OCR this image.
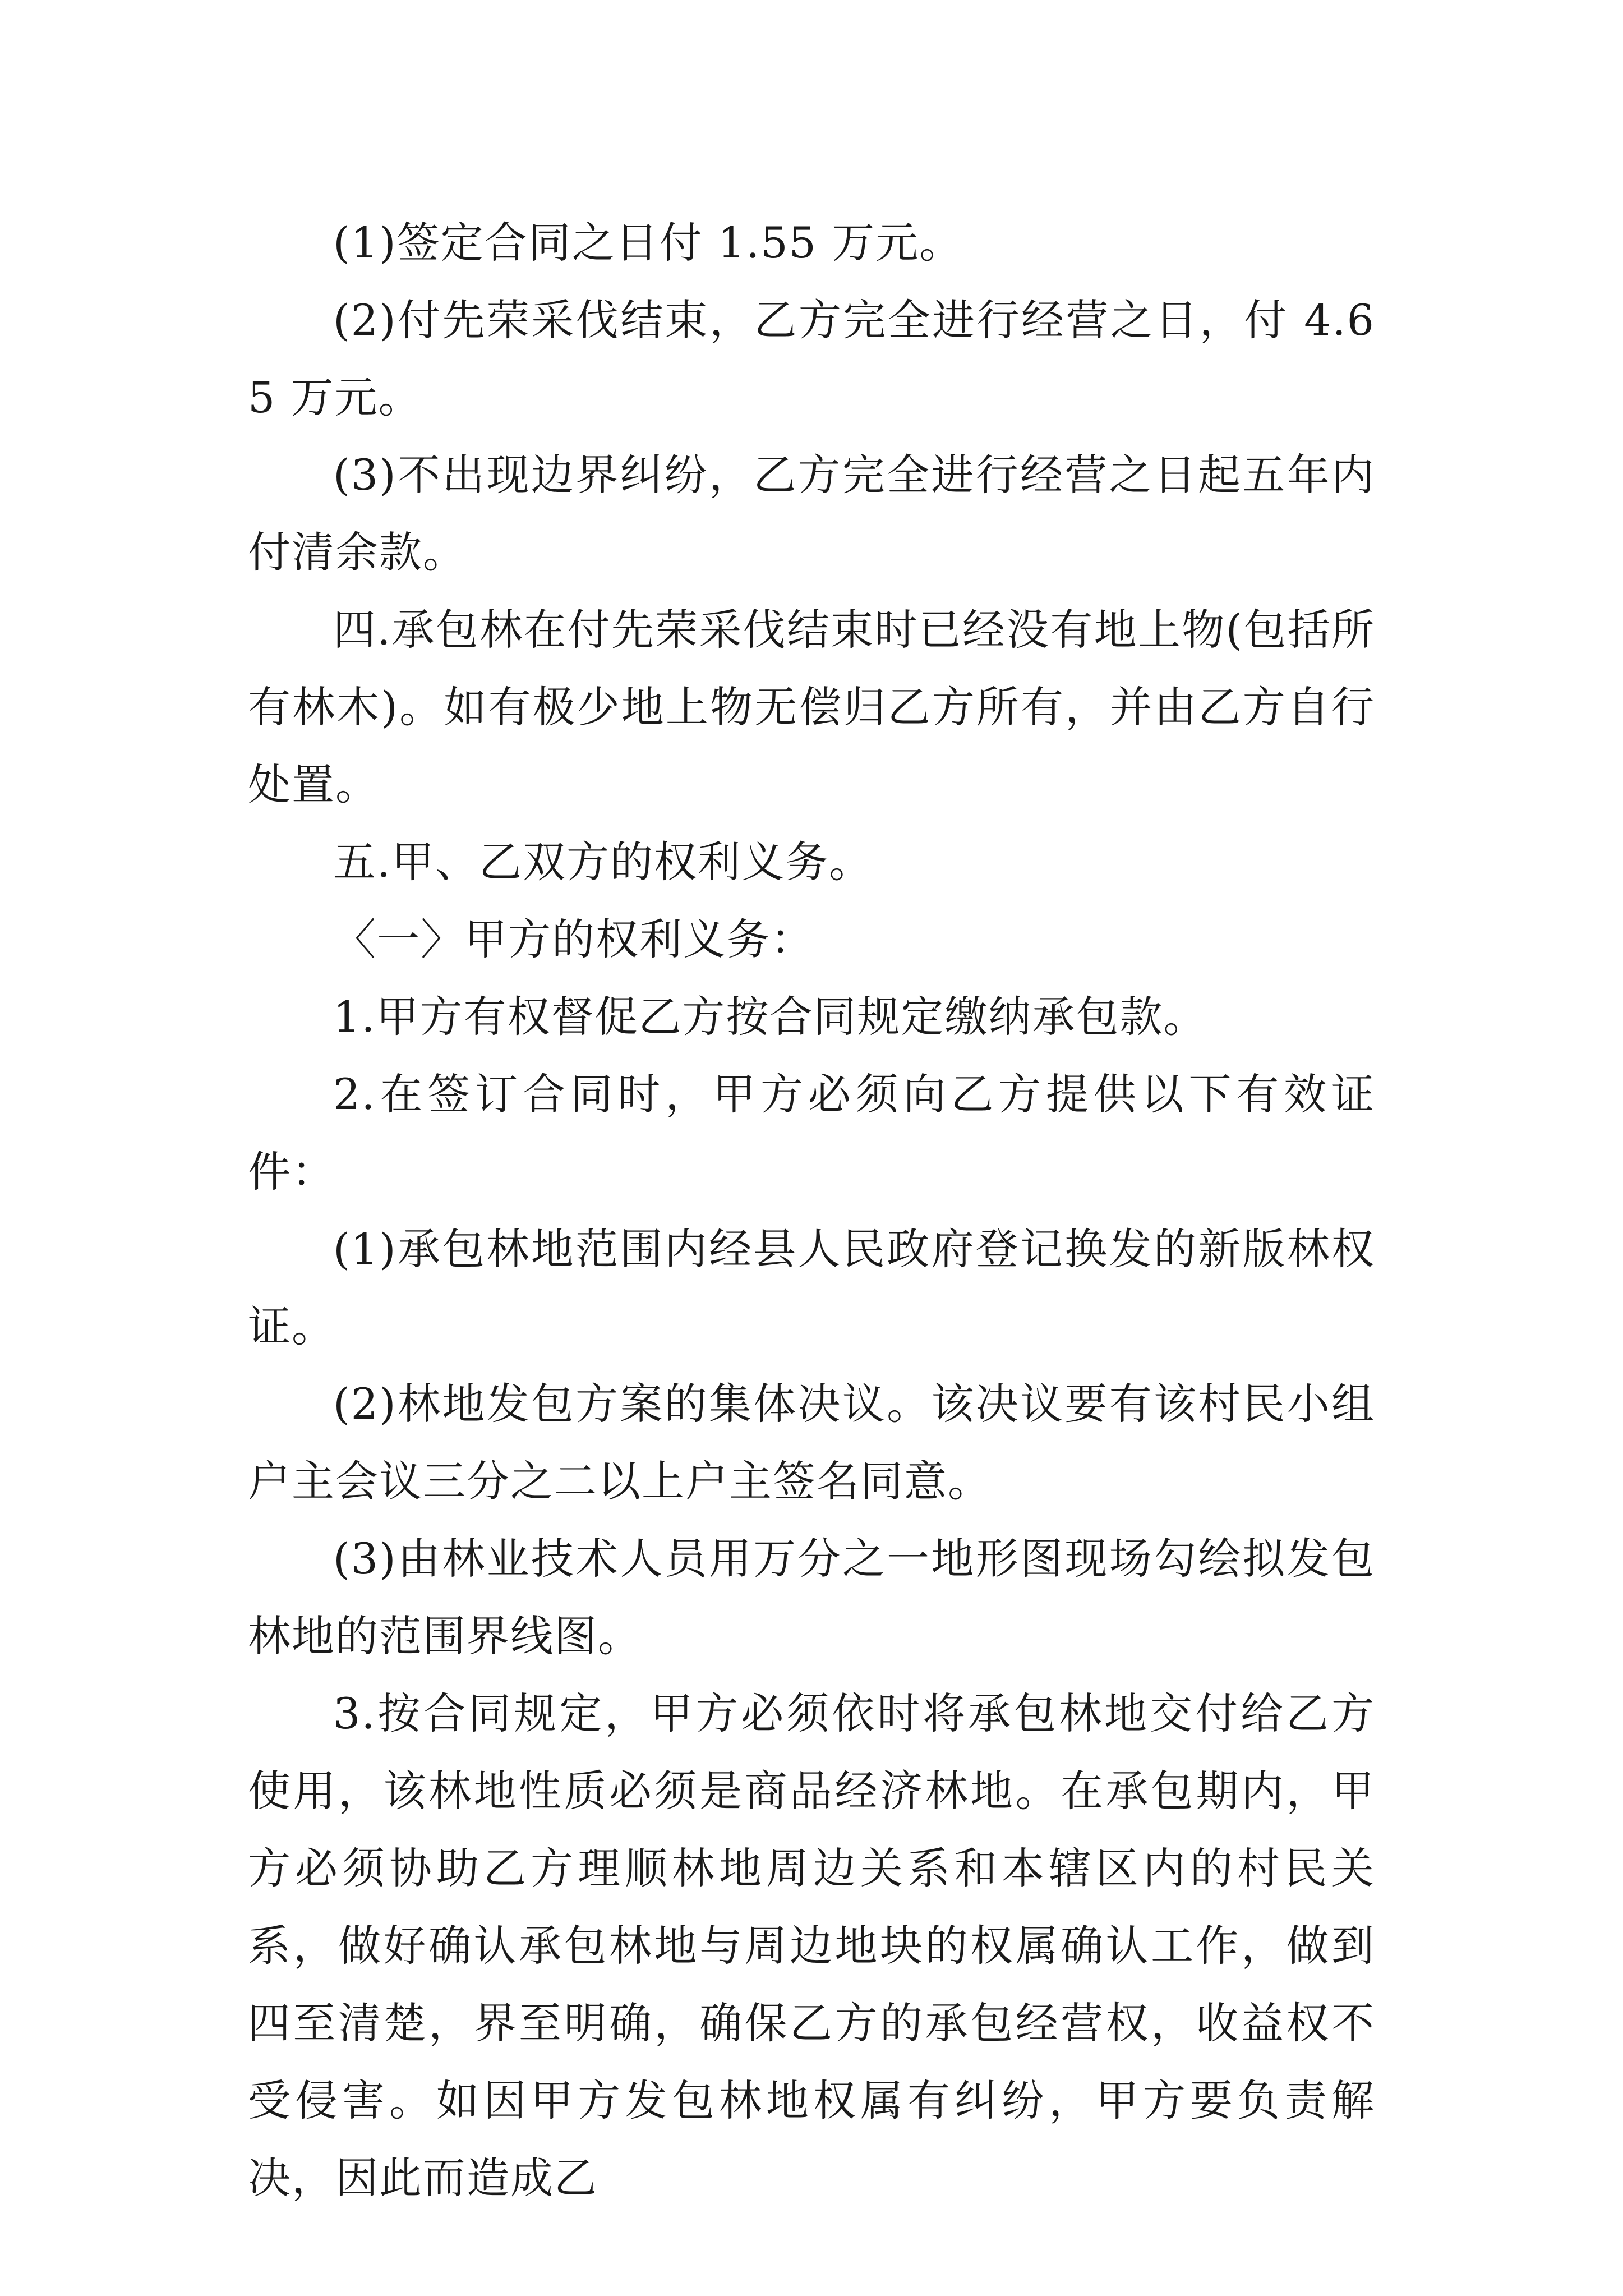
(1)签定合同之日付 1.55 万元。

(2)付先荣采伐结束，乙方完全进行经营之日，付 4.65 万元。

(3)不出现边界纠纷，乙方完全进行经营之日起五年内付清余款。

四.承包林在付先荣采伐结束时已经没有地上物(包括所有林木)。如有极少地上物无偿归乙方所有，并由乙方自行处置。

五.甲、乙双方的权利义务。

〈一〉甲方的权利义务：

1.甲方有权督促乙方按合同规定缴纳承包款。

2.在签订合同时，甲方必须向乙方提供以下有效证件：

(1)承包林地范围内经县人民政府登记换发的新版林权证。

(2)林地发包方案的集体决议。该决议要有该村民小组户主会议三分之二以上户主签名同意。

(3)由林业技术人员用万分之一地形图现场勾绘拟发包林地的范围界线图。

3.按合同规定，甲方必须依时将承包林地交付给乙方使用，该林地性质必须是商品经济林地。在承包期内，甲方必须协助乙方理顺林地周边关系和本辖区内的村民关系，做好确认承包林地与周边地块的权属确认工作，做到四至清楚，界至明确，确保乙方的承包经营权，收益权不受侵害。如因甲方发包林地权属有纠纷，甲方要负责解决，因此而造成乙
